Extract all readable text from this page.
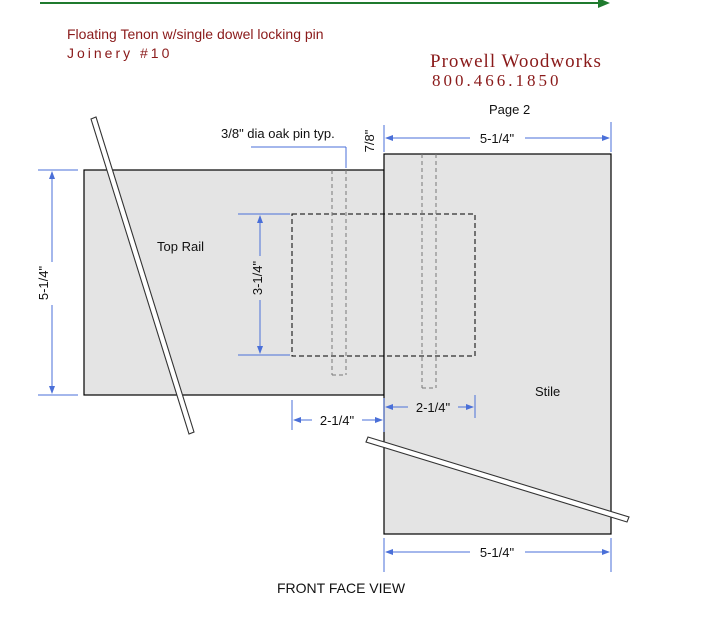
Floating Tenon w/single dowel locking pin
Joinery #10	Prowell Woodworks
800.466.1850
Page 2
Top Rail
Stile
5-1/4"	3-1/4"
3/8" dia oak pin typ. 7/8"	5-1/4"
2-1/4"
2-1/4"
5-1/4"
FRONT FACE VIEW
